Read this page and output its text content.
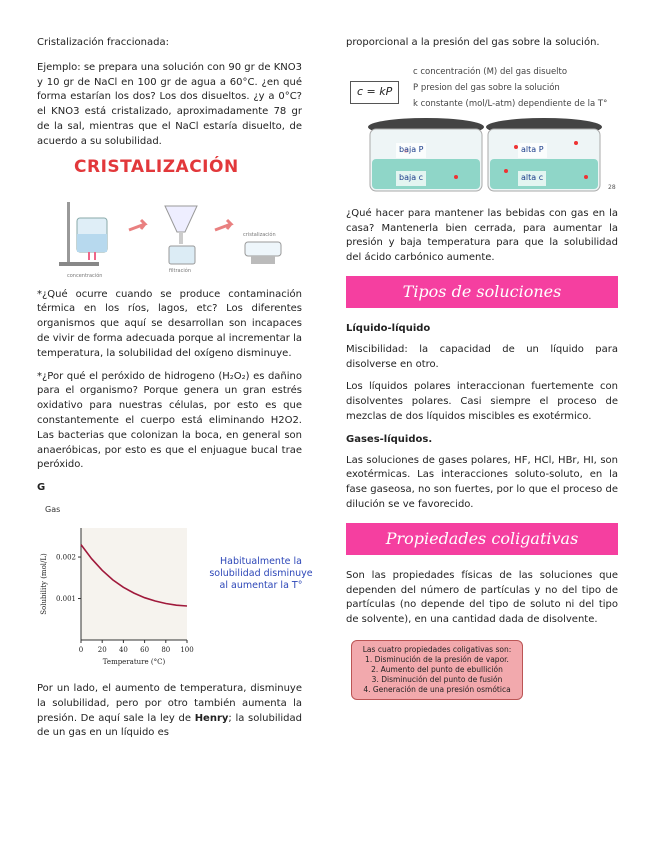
Cristalización fraccionada:

Ejemplo: se prepara una solución con 90 gr de KNO3 y 10 gr de NaCl en 100 gr de agua a 60°C. ¿en qué forma estarían los dos? Los dos disueltos. ¿y a 0°C? el KNO3 está cristalizado, aproximadamente 78 gr de la sal, mientras que el NaCl estaría disuelto, de acuerdo a su solubilidad.

CRISTALIZACIÓN
concentración
filtración
cristalización

*¿Qué ocurre cuando se produce contaminación térmica en los ríos, lagos, etc? Los diferentes organismos que aquí se desarrollan son incapaces de vivir de forma adecuada porque al incrementar la temperatura, la solubilidad del oxígeno disminuye.

*¿Por qué el peróxido de hidrogeno (H₂O₂) es dañino para el organismo? Porque genera un gran estrés oxidativo para nuestras células, por esto es que constantemente el cuerpo está eliminando H2O2. Las bacterias que colonizan la boca, en general son anaeróbicas, por esto es que el enjuague bucal trae peróxido.

G

Gas
0 20 40 60 80 100
0.001
0.002
Temperature (°C)
Solubility (mol/L)	Habitualmente la solubilidad disminuye al aumentar la T°

Por un lado, el aumento de temperatura, disminuye la solubilidad, pero por otro también aumenta la presión. De aquí sale la ley de Henry; la solubilidad de un gas en un líquido es

proporcional a la presión del gas sobre la solución.

c = kP
c concentración (M) del gas disuelto
P presion del gas sobre la solución
k constante (mol/L-atm) dependiente de la T°
28
baja P
baja c
alta P
alta c

¿Qué hacer para mantener las bebidas con gas en la casa? Mantenerla bien cerrada, para aumentar la presión y baja temperatura para que la solubilidad del ácido carbónico aumente.

Tipos de soluciones

Líquido-líquido

Miscibilidad: la capacidad de un líquido para disolverse en otro.

Los líquidos polares interaccionan fuertemente con disolventes polares. Casi siempre el proceso de mezclas de dos líquidos miscibles es exotérmico.

Gases-líquidos.

Las soluciones de gases polares, HF, HCl, HBr, HI, son exotérmicas. Las interacciones soluto-soluto, en la fase gaseosa, no son fuertes, por lo que el proceso de dilución se ve favorecido.

Propiedades coligativas

Son las propiedades físicas de las soluciones que dependen del número de partículas y no del tipo de partículas (no depende del tipo de soluto ni del tipo de solvente), en una cantidad dada de disolvente.

Las cuatro propiedades coligativas son:
1. Disminución de la presión de vapor.
2. Aumento del punto de ebullición
3. Disminución del punto de fusión
4. Generación de una presión osmótica
